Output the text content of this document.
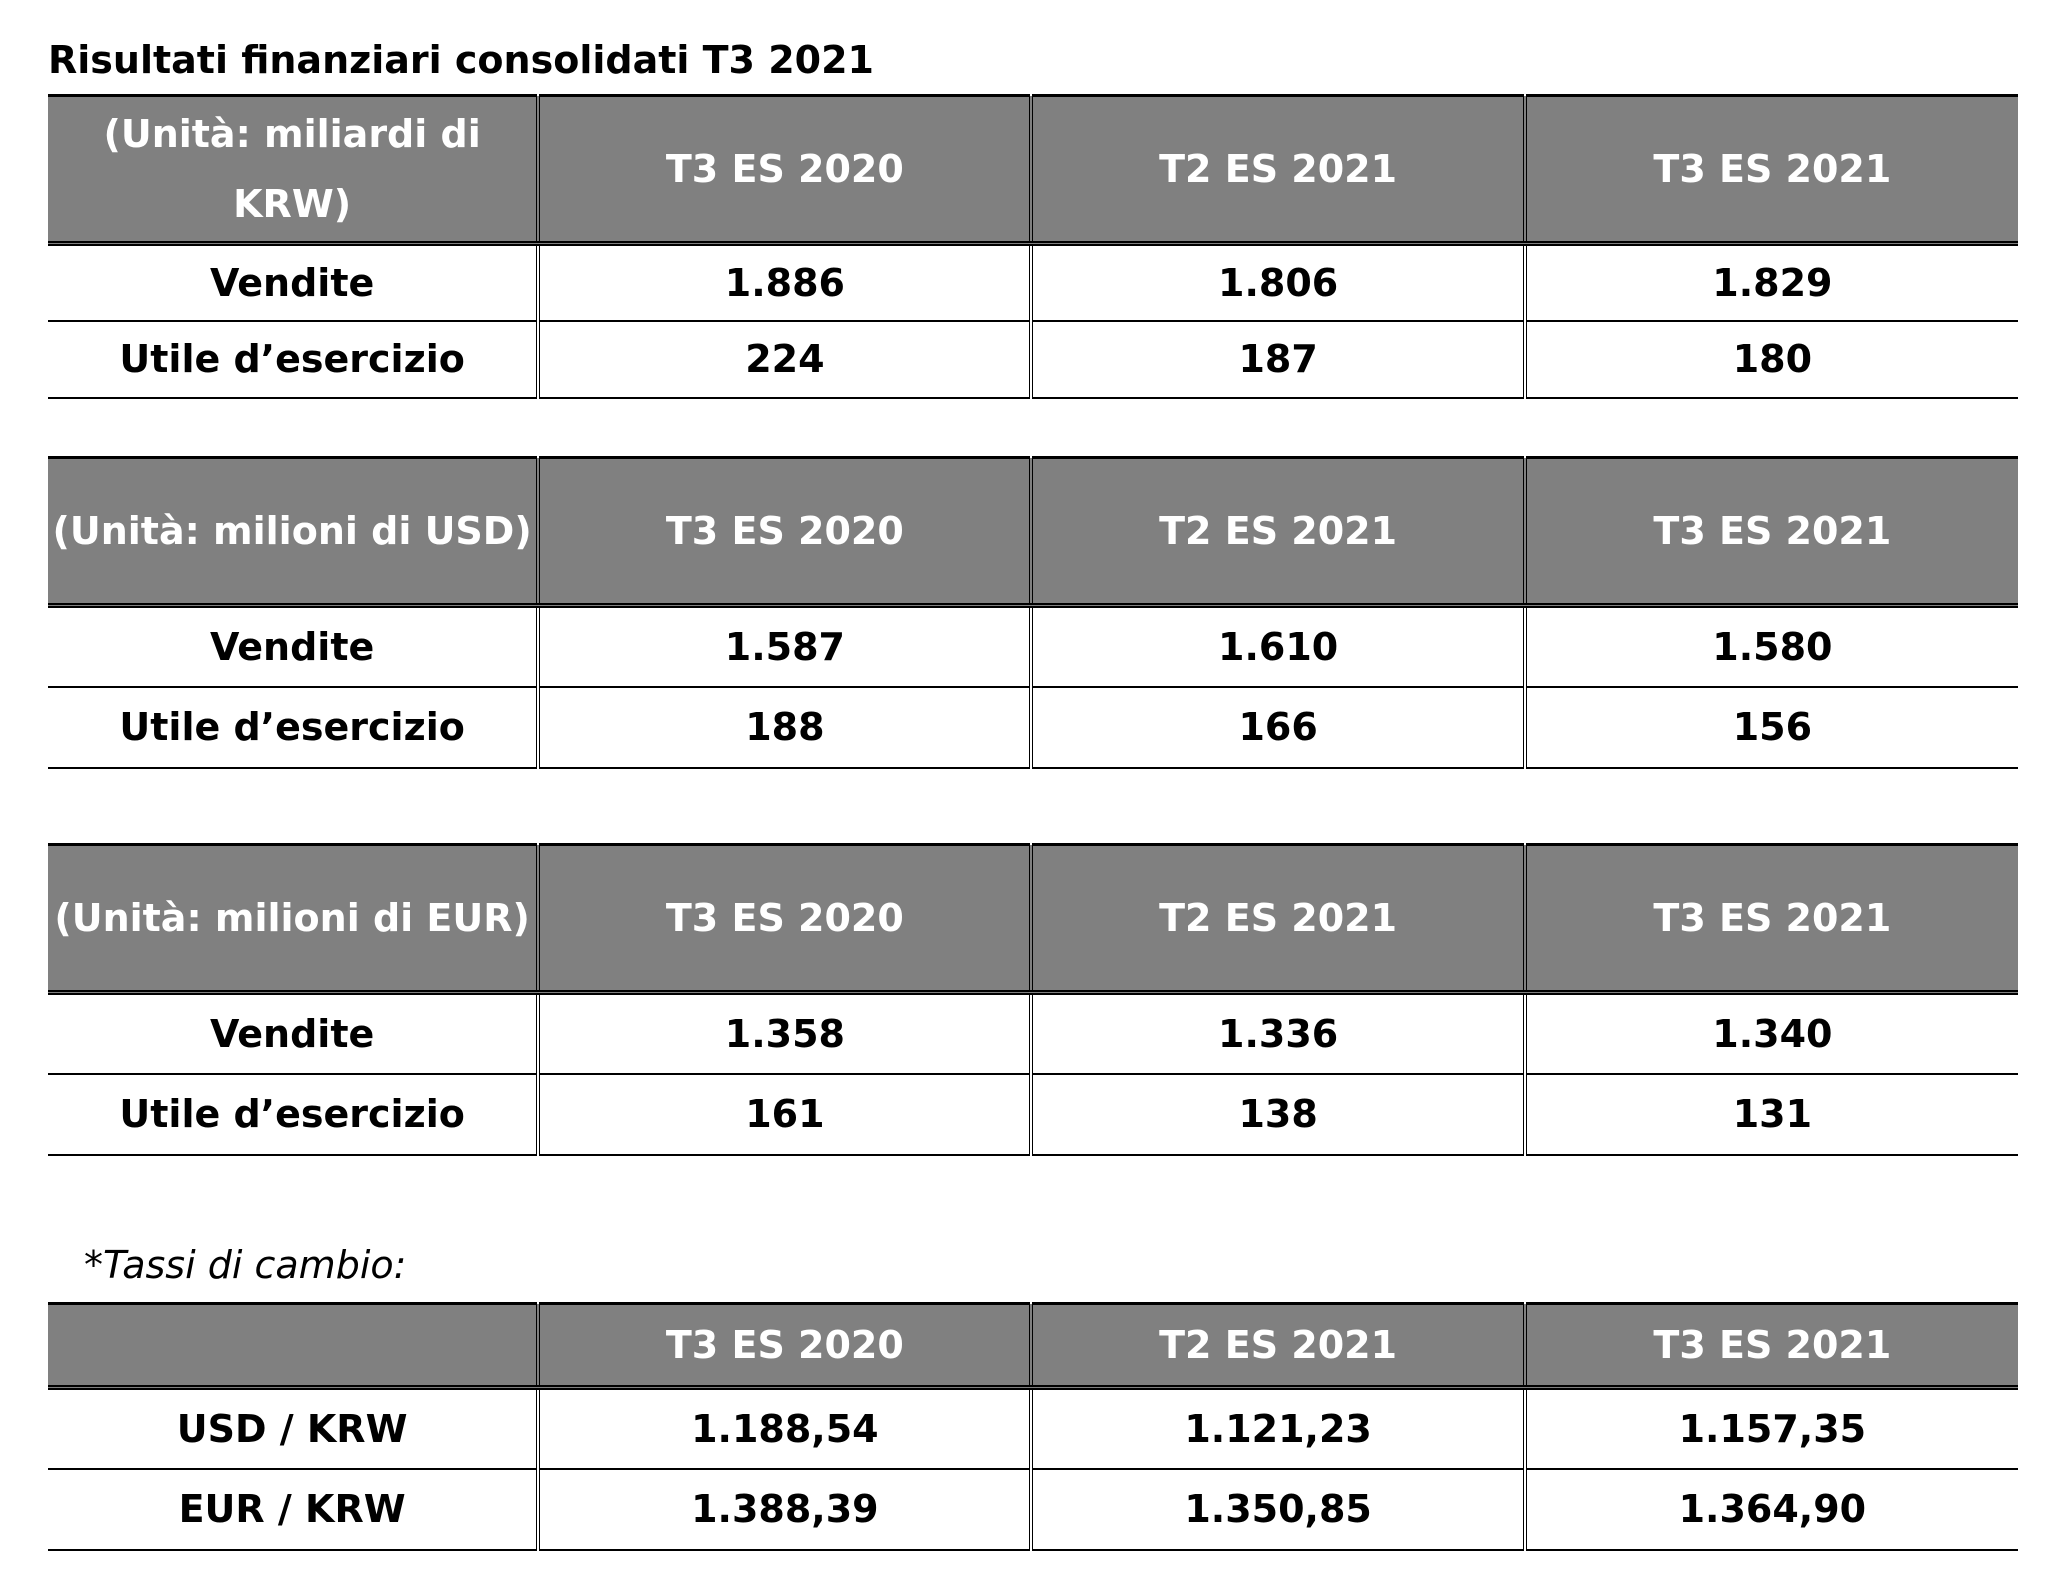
Risultati finanziari consolidati T3 2021
(Unità: miliardi di KRW)	T3 ES 2020	T2 ES 2021	T3 ES 2021
Vendite	1.886	1.806	1.829
Utile d’esercizio	224	187	180
(Unità: milioni di USD)	T3 ES 2020	T2 ES 2021	T3 ES 2021
Vendite	1.587	1.610	1.580
Utile d’esercizio	188	166	156
(Unità: milioni di EUR)	T3 ES 2020	T2 ES 2021	T3 ES 2021
Vendite	1.358	1.336	1.340
Utile d’esercizio	161	138	131
*Tassi di cambio:
	T3 ES 2020	T2 ES 2021	T3 ES 2021
USD / KRW	1.188,54	1.121,23	1.157,35
EUR / KRW	1.388,39	1.350,85	1.364,90
